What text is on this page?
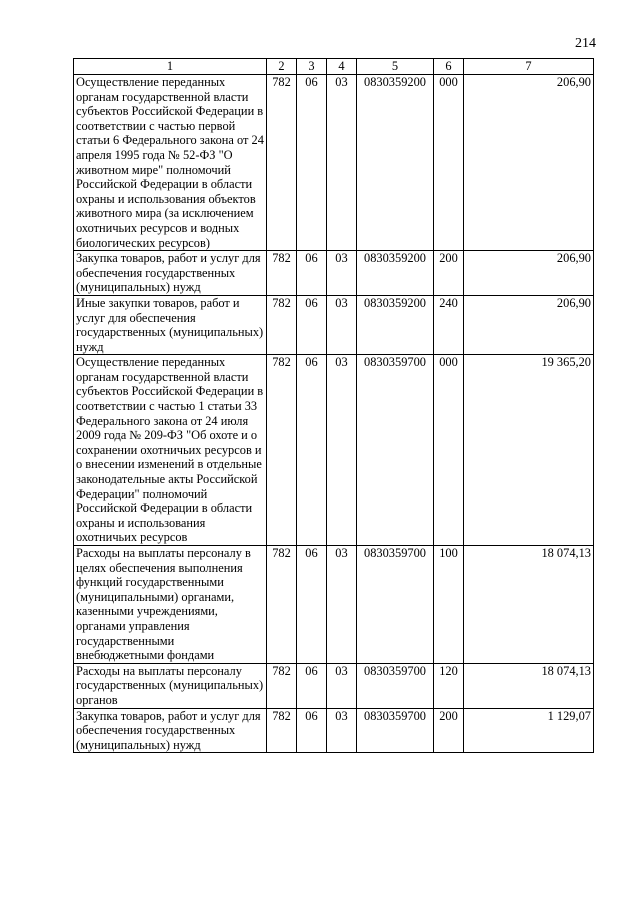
214
1	2	3	4	5	6	7
Осуществление переданных органам государственной власти субъектов Российской Федерации в соответствии с частью первой статьи 6 Федерального закона от 24 апреля 1995 года № 52-ФЗ "О животном мире" полномочий Российской Федерации в области охраны и использования объектов животного мира (за исключением охотничьих ресурсов и водных биологических ресурсов)	782	06	03	0830359200	000	206,90
Закупка товаров, работ и услуг для обеспечения государственных (муниципальных) нужд	782	06	03	0830359200	200	206,90
Иные закупки товаров, работ и услуг для обеспечения государственных (муниципальных) нужд	782	06	03	0830359200	240	206,90
Осуществление переданных органам государственной власти субъектов Российской Федерации в соответствии с частью 1 статьи 33 Федерального закона от 24 июля 2009 года № 209-ФЗ "Об охоте и о сохранении охотничьих ресурсов и о внесении изменений в отдельные законодательные акты Российской Федерации" полномочий Российской Федерации в области охраны и использования охотничьих ресурсов	782	06	03	0830359700	000	19 365,20
Расходы на выплаты персоналу в целях обеспечения выполнения функций государственными (муниципальными) органами, казенными учреждениями, органами управления государственными внебюджетными фондами	782	06	03	0830359700	100	18 074,13
Расходы на выплаты персоналу государственных (муниципальных) органов	782	06	03	0830359700	120	18 074,13
Закупка товаров, работ и услуг для обеспечения государственных (муниципальных) нужд	782	06	03	0830359700	200	1 129,07
